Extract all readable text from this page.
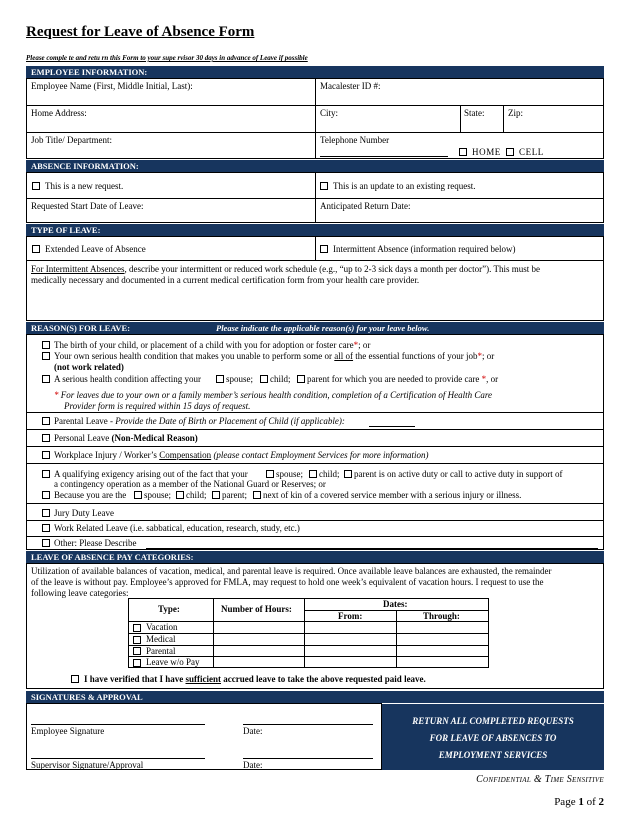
Request for Leave of Absence Form
Please comple te and retu rn this Form to your supe rvisor 30 days in advance of Leave if possible
EMPLOYEE INFORMATION:
Employee Name (First, Middle Initial, Last):	Macalester ID #:
Home Address:	City:	State:	Zip:
Job Title/ Department:	Telephone Number
HOME CELL
ABSENCE INFORMATION:
This is a new request.	This is an update to an existing request.
Requested Start Date of Leave:	Anticipated Return Date:
TYPE OF LEAVE:
Extended Leave of Absence	Intermittent Absence (information required below)
For Intermittent Absences, describe your intermittent or reduced work schedule (e.g., “up to 2-3 sick days a month per doctor”). This must be
medically necessary and documented in a current medical certification form from your health care provider.
REASON(S) FOR LEAVE:	Please indicate the applicable reason(s) for your leave below.
The birth of your child, or placement of a child with you for adoption or foster care*; or
Your own serious health condition that makes you unable to perform some or all of the essential functions of your job*; or
(not work related)
A serious health condition affecting your	spouse; child; parent for which you are needed to provide care *, or
* For leaves due to your own or a family member’s serious health condition, completion of a Certification of Health Care
Provider form is required within 15 days of request.
Parental Leave - Provide the Date of Birth or Placement of Child (if applicable):
Personal Leave (Non-Medical Reason)
Workplace Injury / Worker’s Compensation (please contact Employment Services for more information)
A qualifying exigency arising out of the fact that your	spouse; child; parent is on active duty or call to active duty in support of
a contingency operation as a member of the National Guard or Reserves; or
Because you are the spouse; child; parent; next of kin of a covered service member with a serious injury or illness.
Jury Duty Leave
Work Related Leave (i.e. sabbatical, education, research, study, etc.)
Other: Please Describe
LEAVE OF ABSENCE PAY CATEGORIES:
Utilization of available balances of vacation, medical, and parental leave is required. Once available leave balances are exhausted, the remainder
of the leave is without pay. Employee’s approved for FMLA, may request to hold one week’s equivalent of vacation hours. I request to use the
following leave categories:
Type:	Number of Hours:	Dates:
From:	Through:
Vacation
Medical
Parental
Leave w/o Pay
I have verified that I have sufficient accrued leave to take the above requested paid leave.
SIGNATURES & APPROVAL
Employee Signature	Date:
Supervisor Signature/Approval	Date:
RETURN ALL COMPLETED REQUESTS
FOR LEAVE OF ABSENCES TO
EMPLOYMENT SERVICES
Confidential & Time Sensitive
Page 1 of 2
